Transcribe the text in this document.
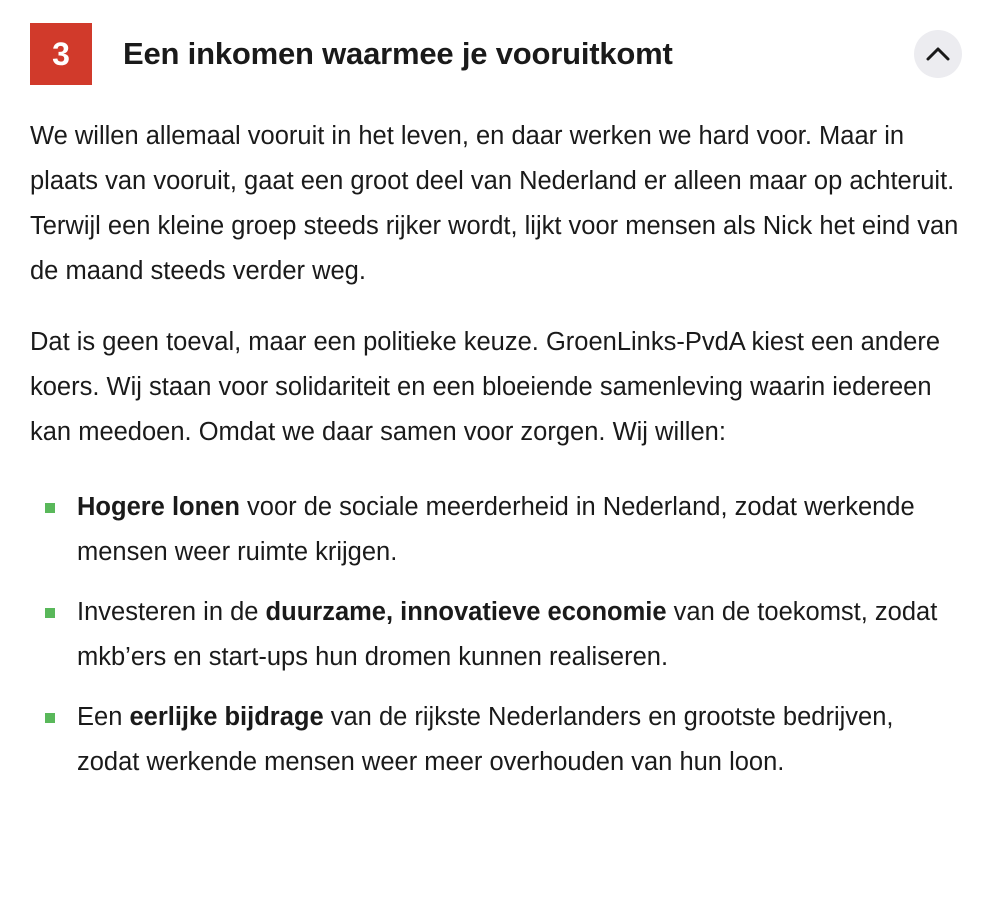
3	Een inkomen waarmee je vooruitkomt

We willen allemaal vooruit in het leven, en daar werken we hard voor. Maar in plaats van vooruit, gaat een groot deel van Nederland er alleen maar op achteruit. Terwijl een kleine groep steeds rijker wordt, lijkt voor mensen als Nick het eind van de maand steeds verder weg.

Dat is geen toeval, maar een politieke keuze. GroenLinks-PvdA kiest een andere koers. Wij staan voor solidariteit en een bloeiende samenleving waarin iedereen kan meedoen. Omdat we daar samen voor zorgen. Wij willen:

Hogere lonen voor de sociale meerderheid in Nederland, zodat werkende mensen weer ruimte krijgen.
Investeren in de duurzame, innovatieve economie van de toekomst, zodat mkb’ers en start-ups hun dromen kunnen realiseren.
Een eerlijke bijdrage van de rijkste Nederlanders en grootste bedrijven, zodat werkende mensen weer meer overhouden van hun loon.
